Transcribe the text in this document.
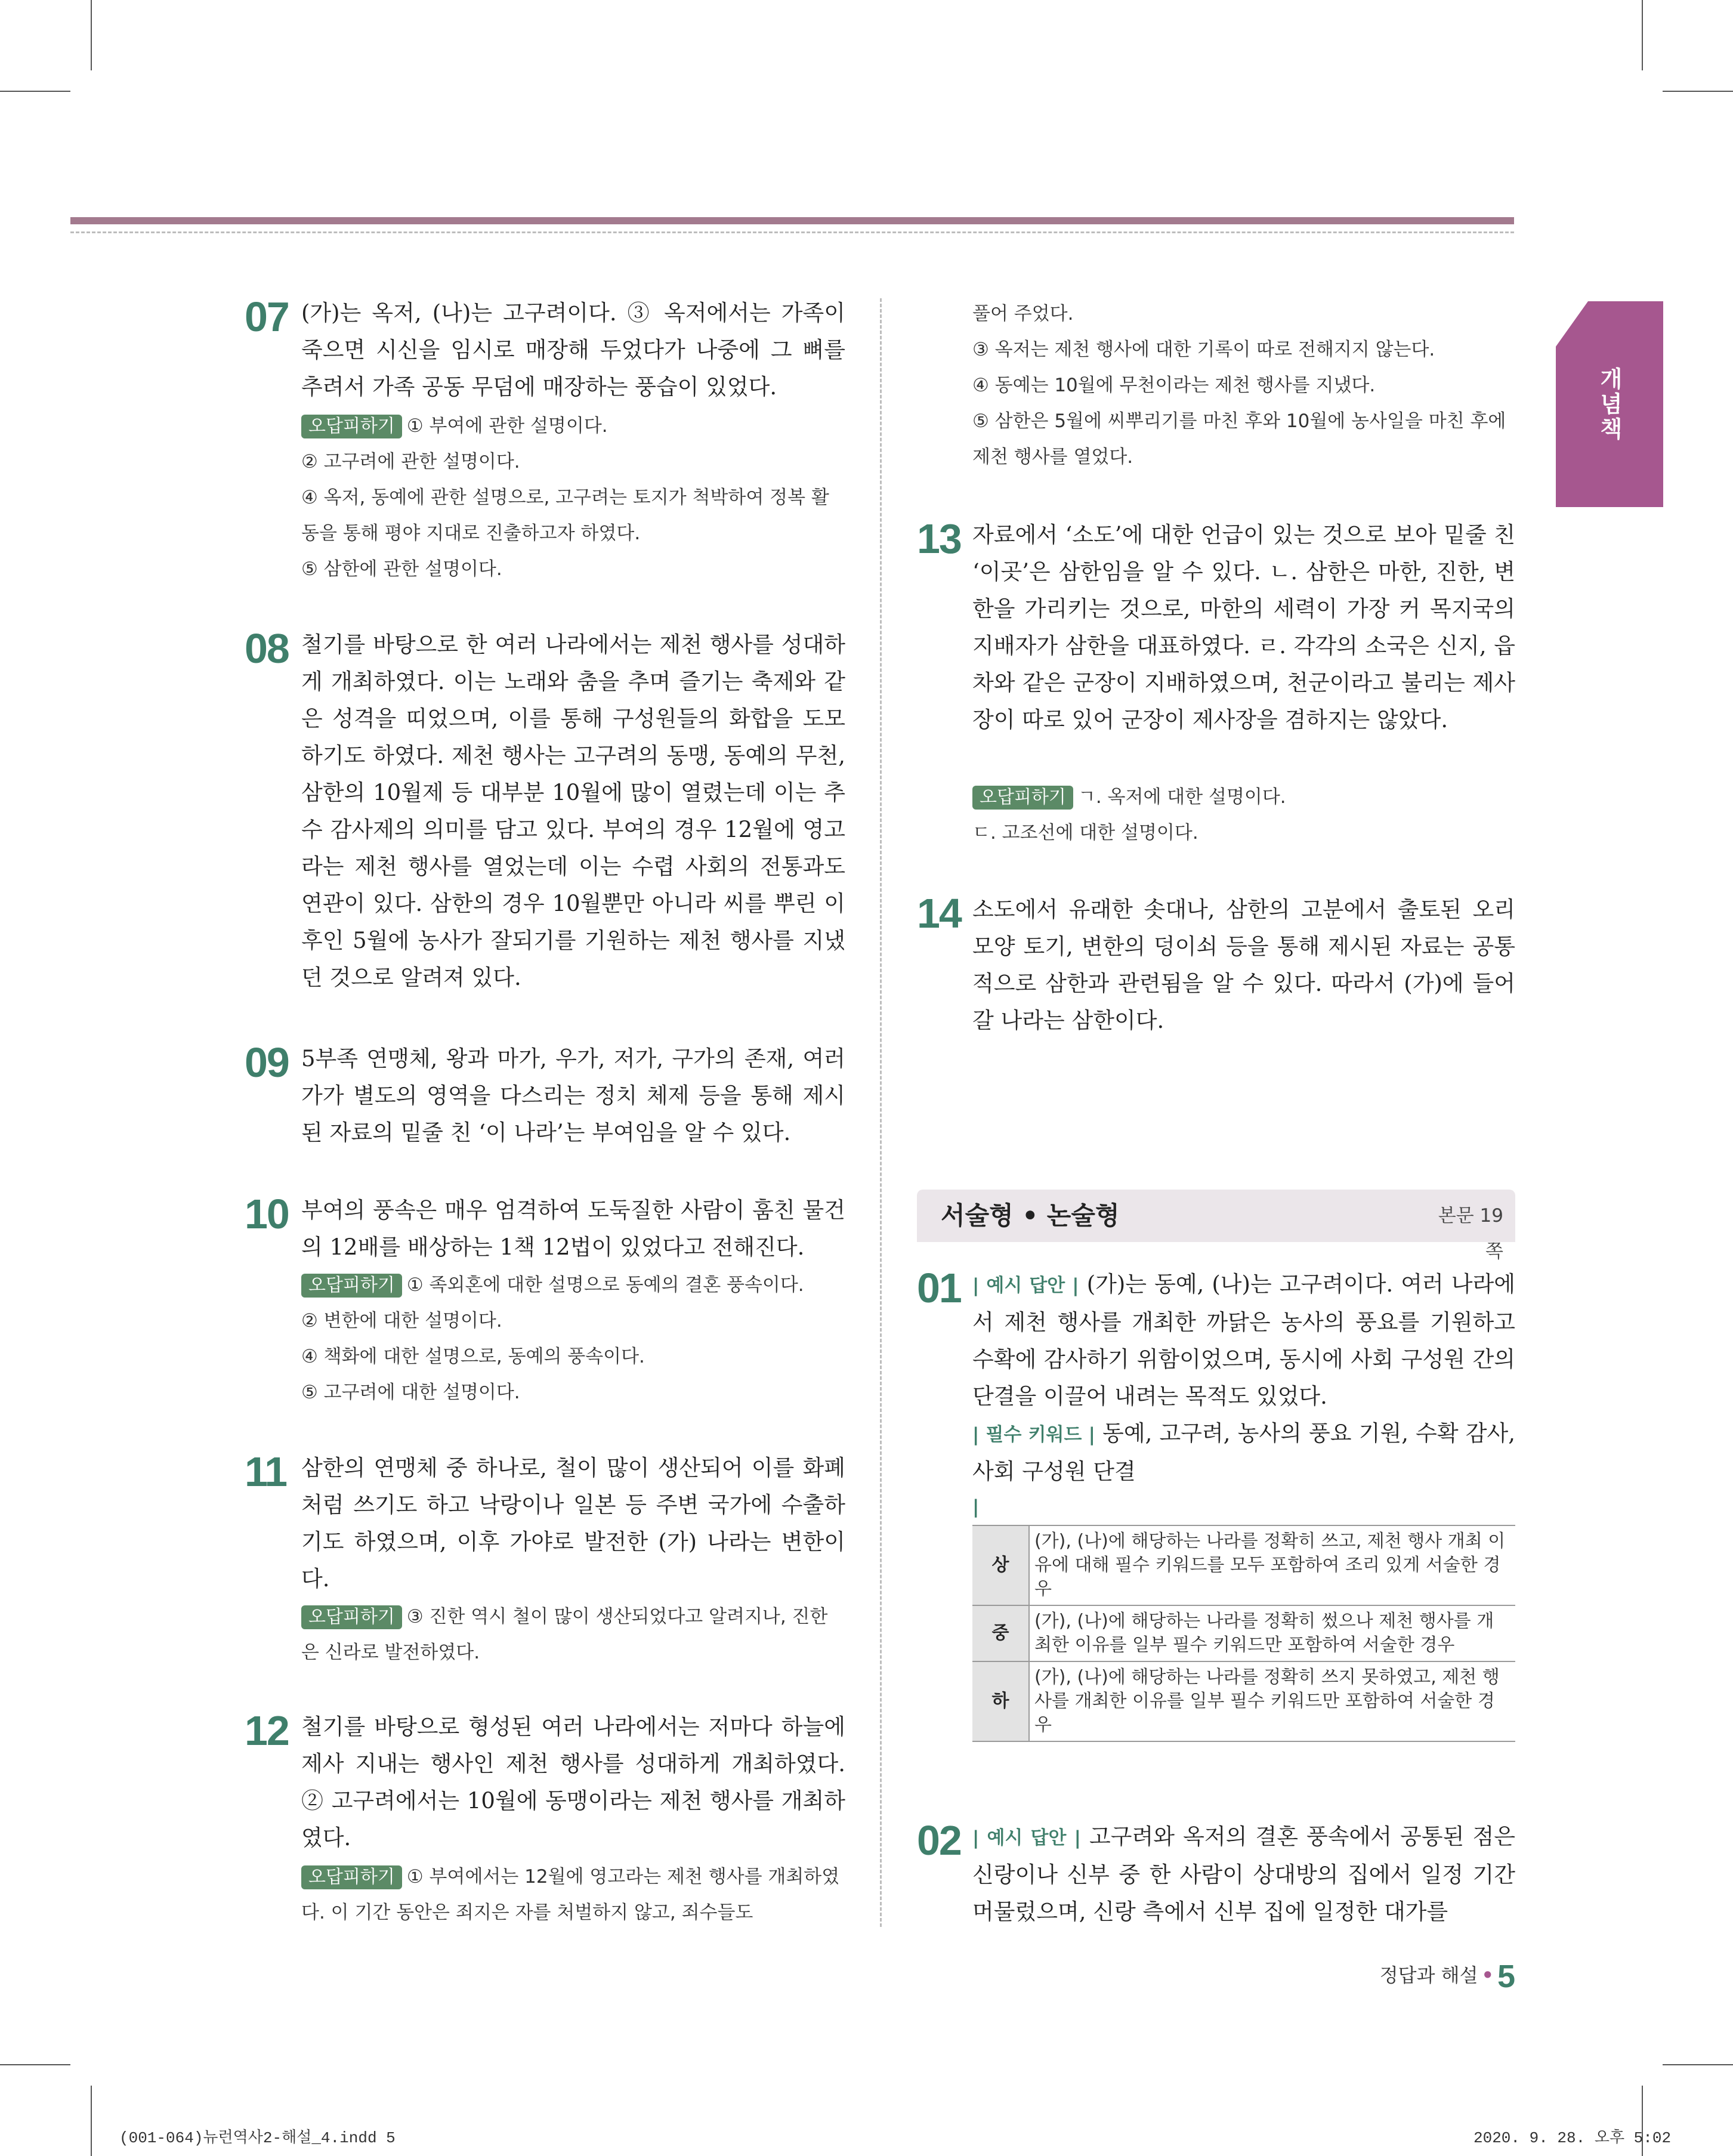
개념책
07 (가)는 옥저, (나)는 고구려이다. ③ 옥저에서는 가족이 죽으면 시신을 임시로 매장해 두었다가 나중에 그 뼈를 추려서 가족 공동 무덤에 매장하는 풍습이 있었다.
오답피하기 ① 부여에 관한 설명이다.
② 고구려에 관한 설명이다.
④ 옥저, 동예에 관한 설명으로, 고구려는 토지가 척박하여 정복 활동을 통해 평야 지대로 진출하고자 하였다.
⑤ 삼한에 관한 설명이다.
08 철기를 바탕으로 한 여러 나라에서는 제천 행사를 성대하게 개최하였다. 이는 노래와 춤을 추며 즐기는 축제와 같은 성격을 띠었으며, 이를 통해 구성원들의 화합을 도모하기도 하였다. 제천 행사는 고구려의 동맹, 동예의 무천, 삼한의 10월제 등 대부분 10월에 많이 열렸는데 이는 추수 감사제의 의미를 담고 있다. 부여의 경우 12월에 영고라는 제천 행사를 열었는데 이는 수렵 사회의 전통과도 연관이 있다. 삼한의 경우 10월뿐만 아니라 씨를 뿌린 이후인 5월에 농사가 잘되기를 기원하는 제천 행사를 지냈던 것으로 알려져 있다.
09 5부족 연맹체, 왕과 마가, 우가, 저가, 구가의 존재, 여러 가가 별도의 영역을 다스리는 정치 체제 등을 통해 제시된 자료의 밑줄 친 ‘이 나라’는 부여임을 알 수 있다.
10 부여의 풍속은 매우 엄격하여 도둑질한 사람이 훔친 물건의 12배를 배상하는 1책 12법이 있었다고 전해진다.
오답피하기 ① 족외혼에 대한 설명으로 동예의 결혼 풍속이다.
② 변한에 대한 설명이다.
④ 책화에 대한 설명으로, 동예의 풍속이다.
⑤ 고구려에 대한 설명이다.
11 삼한의 연맹체 중 하나로, 철이 많이 생산되어 이를 화폐처럼 쓰기도 하고 낙랑이나 일본 등 주변 국가에 수출하기도 하였으며, 이후 가야로 발전한 (가) 나라는 변한이다.
오답피하기 ③ 진한 역시 철이 많이 생산되었다고 알려지나, 진한은 신라로 발전하였다.
12 철기를 바탕으로 형성된 여러 나라에서는 저마다 하늘에 제사 지내는 행사인 제천 행사를 성대하게 개최하였다. ② 고구려에서는 10월에 동맹이라는 제천 행사를 개최하였다.
오답피하기 ① 부여에서는 12월에 영고라는 제천 행사를 개최하였다. 이 기간 동안은 죄지은 자를 처벌하지 않고, 죄수들도
풀어 주었다.
③ 옥저는 제천 행사에 대한 기록이 따로 전해지지 않는다.
④ 동예는 10월에 무천이라는 제천 행사를 지냈다.
⑤ 삼한은 5월에 씨뿌리기를 마친 후와 10월에 농사일을 마친 후에 제천 행사를 열었다.
13 자료에서 ‘소도’에 대한 언급이 있는 것으로 보아 밑줄 친 ‘이곳’은 삼한임을 알 수 있다. ㄴ. 삼한은 마한, 진한, 변한을 가리키는 것으로, 마한의 세력이 가장 커 목지국의 지배자가 삼한을 대표하였다. ㄹ. 각각의 소국은 신지, 읍차와 같은 군장이 지배하였으며, 천군이라고 불리는 제사장이 따로 있어 군장이 제사장을 겸하지는 않았다.
오답피하기 ㄱ. 옥저에 대한 설명이다.
ㄷ. 고조선에 대한 설명이다.
14 소도에서 유래한 솟대나, 삼한의 고분에서 출토된 오리 모양 토기, 변한의 덩이쇠 등을 통해 제시된 자료는 공통적으로 삼한과 관련됨을 알 수 있다. 따라서 (가)에 들어갈 나라는 삼한이다.
서술형 • 논술형	본문 19쪽
01 | 예시 답안 | (가)는 동예, (나)는 고구려이다. 여러 나라에서 제천 행사를 개최한 까닭은 농사의 풍요를 기원하고 수확에 감사하기 위함이었으며, 동시에 사회 구성원 간의 단결을 이끌어 내려는 목적도 있었다.
| 필수 키워드 | 동예, 고구려, 농사의 풍요 기원, 수확 감사, 사회 구성원 단결
|
상	(가), (나)에 해당하는 나라를 정확히 쓰고, 제천 행사 개최 이유에 대해 필수 키워드를 모두 포함하여 조리 있게 서술한 경우
중	(가), (나)에 해당하는 나라를 정확히 썼으나 제천 행사를 개최한 이유를 일부 필수 키워드만 포함하여 서술한 경우
하	(가), (나)에 해당하는 나라를 정확히 쓰지 못하였고, 제천 행사를 개최한 이유를 일부 필수 키워드만 포함하여 서술한 경우
02 | 예시 답안 | 고구려와 옥저의 결혼 풍속에서 공통된 점은 신랑이나 신부 중 한 사람이 상대방의 집에서 일정 기간 머물렀으며, 신랑 측에서 신부 집에 일정한 대가를
정답과 해설 • 5
(001-064)뉴런역사2-해설_4.indd 5	2020. 9. 28. 오후 5:02
